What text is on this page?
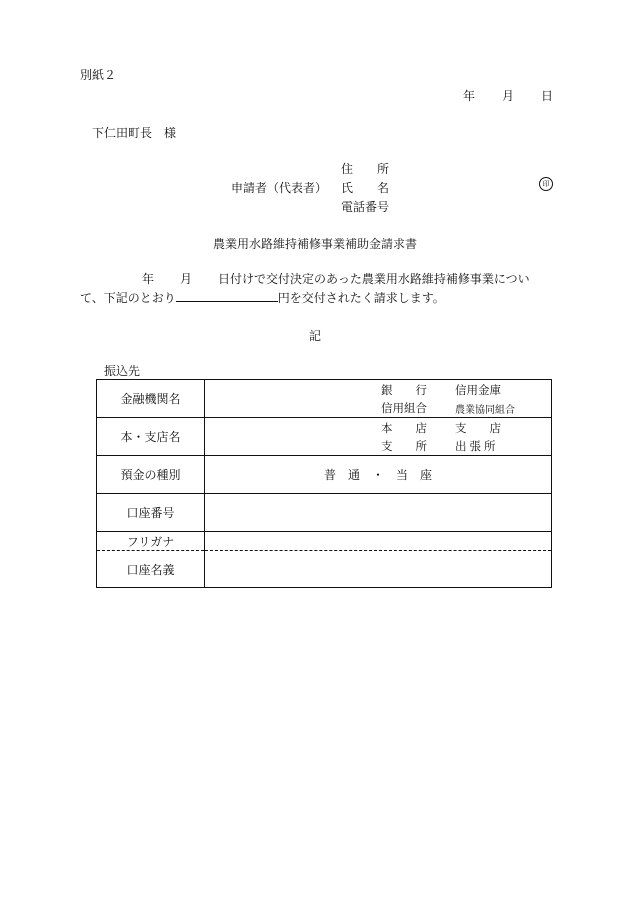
別紙２
年 月 日
下仁田町長　様
申請者（代表者）
住　　所
氏　　名
電話番号
印
農業用水路維持補修事業補助金請求書
年 月 日付けで交付決定のあった農業用水路維持補修事業につい
て、下記のとおり	円を交付されたく請求します。
記
振込先
金融機関名	銀　　行 信用金庫
信用組合 農業協同組合

本・支店名	本　　店 支　　店
支　　所 出張所

預金の種別	普　通　・　当　座
口座番号	
フリガナ	
口座名義	
